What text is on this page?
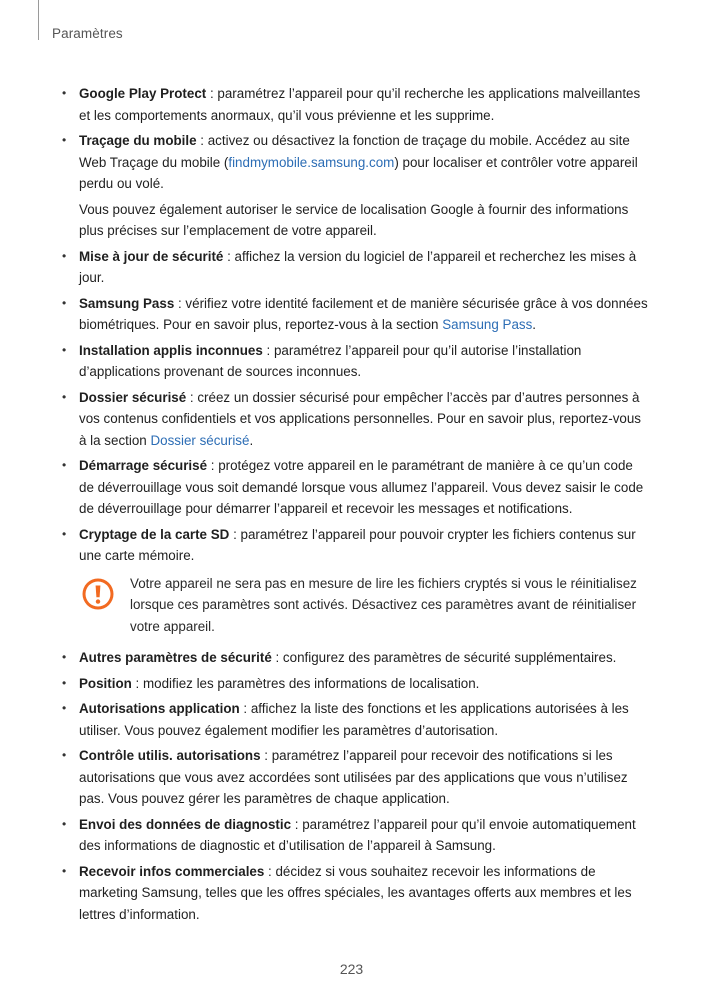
Paramètres
• Google Play Protect : paramétrez l’appareil pour qu’il recherche les applications malveillantes et les comportements anormaux, qu’il vous prévienne et les supprime.
• Traçage du mobile : activez ou désactivez la fonction de traçage du mobile. Accédez au site Web Traçage du mobile (findmymobile.samsung.com) pour localiser et contrôler votre appareil perdu ou volé.
Vous pouvez également autoriser le service de localisation Google à fournir des informations plus précises sur l’emplacement de votre appareil.
• Mise à jour de sécurité : affichez la version du logiciel de l’appareil et recherchez les mises à jour.
• Samsung Pass : vérifiez votre identité facilement et de manière sécurisée grâce à vos données biométriques. Pour en savoir plus, reportez-vous à la section Samsung Pass.
• Installation applis inconnues : paramétrez l’appareil pour qu’il autorise l’installation d’applications provenant de sources inconnues.
• Dossier sécurisé : créez un dossier sécurisé pour empêcher l’accès par d’autres personnes à vos contenus confidentiels et vos applications personnelles. Pour en savoir plus, reportez-vous à la section Dossier sécurisé.
• Démarrage sécurisé : protégez votre appareil en le paramétrant de manière à ce qu’un code de déverrouillage vous soit demandé lorsque vous allumez l’appareil. Vous devez saisir le code de déverrouillage pour démarrer l’appareil et recevoir les messages et notifications.
• Cryptage de la carte SD : paramétrez l’appareil pour pouvoir crypter les fichiers contenus sur une carte mémoire.
Votre appareil ne sera pas en mesure de lire les fichiers cryptés si vous le réinitialisez lorsque ces paramètres sont activés. Désactivez ces paramètres avant de réinitialiser votre appareil.
• Autres paramètres de sécurité : configurez des paramètres de sécurité supplémentaires.
• Position : modifiez les paramètres des informations de localisation.
• Autorisations application : affichez la liste des fonctions et les applications autorisées à les utiliser. Vous pouvez également modifier les paramètres d’autorisation.
• Contrôle utilis. autorisations : paramétrez l’appareil pour recevoir des notifications si les autorisations que vous avez accordées sont utilisées par des applications que vous n’utilisez pas. Vous pouvez gérer les paramètres de chaque application.
• Envoi des données de diagnostic : paramétrez l’appareil pour qu’il envoie automatiquement des informations de diagnostic et d’utilisation de l’appareil à Samsung.
• Recevoir infos commerciales : décidez si vous souhaitez recevoir les informations de marketing Samsung, telles que les offres spéciales, les avantages offerts aux membres et les lettres d’information.
223
